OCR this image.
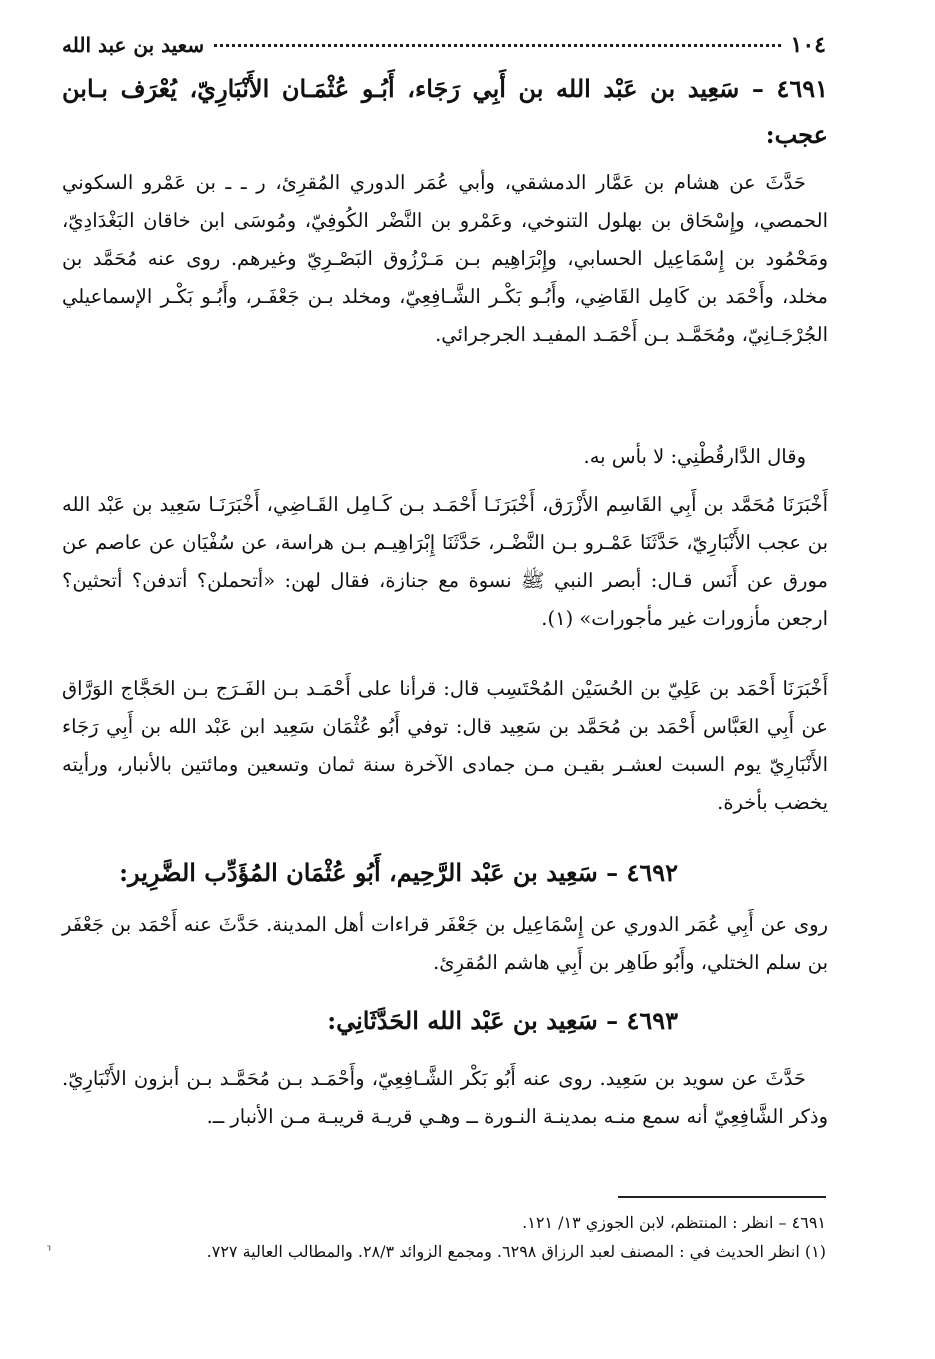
١٠٤
سعيد بن عبد الله
٤٦٩١ – سَعِيد بن عَبْد الله بن أَبِي رَجَاء، أَبُـو عُثْمَـان الأَنْبَارِيّ، يُعْرَف بـابن عجب:
حَدَّثَ عن هشام بن عَمَّار الدمشقي، وأبي عُمَر الدوري المُقرِئ، ر ـ ـ بن عَمْرو السكوني الحمصي، وإِسْحَاق بن بهلول التنوخي، وعَمْرو بن النَّضْر الكُوفِيّ، ومُوسَى ابن خاقان البَغْدَادِيّ، ومَحْمُود بن إِسْمَاعِيل الحسابي، وإِبْرَاهِيم بـن مَـرْزُوق البَصْـرِيّ وغيرهم. روى عنه مُحَمَّد بن مخلد، وأَحْمَد بن كَامِل القَاضِي، وأَبُـو بَكْـر الشَّـافِعِيّ، ومخلد بـن جَعْفَـر، وأَبُـو بَكْـر الإسماعيلي الجُرْجَـانِيّ، ومُحَمَّـد بـن أَحْمَـد المفيـد الجرجرائي.
وقال الدَّارقُطْنِي: لا بأس به.
أَخْبَرَنَا مُحَمَّد بن أَبِي القَاسِم الأَزْرَق، أَخْبَرَنَـا أَحْمَـد بـن كَـامِل القَـاضِي، أَخْبَرَنَـا سَعِيد بن عَبْد الله بن عجب الأَنْبَارِيّ، حَدَّثَنَا عَمْـرو بـن النَّضْـر، حَدَّثَنَا إِبْرَاهِيـم بـن هراسة، عن سُفْيَان عن عاصم عن مورق عن أَنَس قـال: أبصر النبي ﷺ نسوة مع جنازة، فقال لهن: «أتحملن؟ أتدفن؟ أتحثين؟ ارجعن مأزورات غير مأجورات» (١).
أَخْبَرَنَا أَحْمَد بن عَلِيّ بن الحُسَيْن المُحْتَسِب قال: قرأنا على أَحْمَـد بـن الفَـرَج بـن الحَجَّاج الوَرَّاق عن أَبِي العَبَّاس أَحْمَد بن مُحَمَّد بن سَعِيد قال: توفي أَبُو عُثْمَان سَعِيد ابن عَبْد الله بن أَبِي رَجَاء الأَنْبَارِيّ يوم السبت لعشـر بقيـن مـن جمادى الآخرة سنة ثمان وتسعين ومائتين بالأنبار، ورأيته يخضب بأخرة.
٤٦٩٢ – سَعِيد بن عَبْد الرَّحِيم، أَبُو عُثْمَان المُؤَدِّب الضَّرِير:
روى عن أَبِي عُمَر الدوري عن إِسْمَاعِيل بن جَعْفَر قراءات أهل المدينة. حَدَّثَ عنه أَحْمَد بن جَعْفَر بن سلم الختلي، وأَبُو طَاهِر بن أَبِي هاشم المُقرِئ.
٤٦٩٣ – سَعِيد بن عَبْد الله الحَدَّثَانِي:
حَدَّثَ عن سويد بن سَعِيد. روى عنه أَبُو بَكْر الشَّـافِعِيّ، وأَحْمَـد بـن مُحَمَّـد بـن أبزون الأَنْبَارِيّ. وذكر الشَّافِعِيّ أنه سمع منـه بمدينـة النـورة ــ وهـي قريـة قريبـة مـن الأنبار ــ.
٤٦٩١ – انظر : المنتظم، لابن الجوزي ١٣/ ١٢١.
(١) انظر الحديث في : المصنف لعبد الرزاق ٦٢٩٨. ومجمع الزوائد ٢٨/٣. والمطالب العالية ٧٢٧.
⸢
